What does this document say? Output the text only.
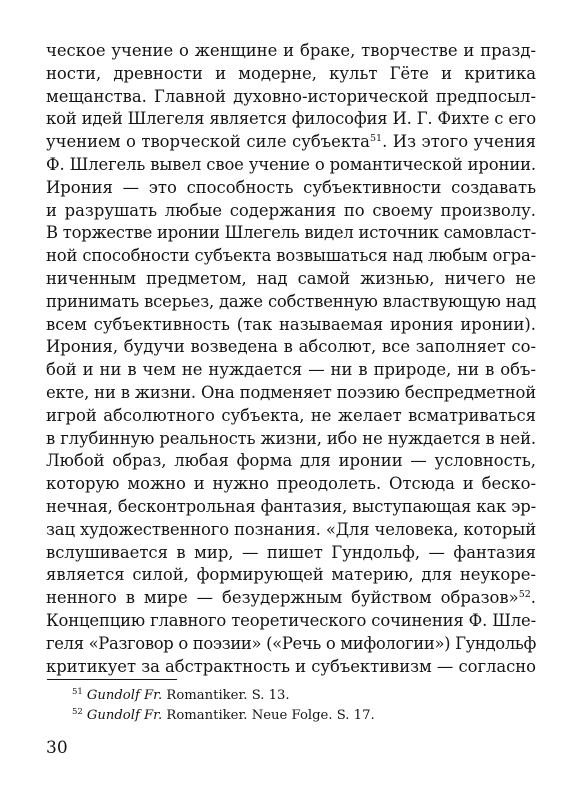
ческое учение о женщине и браке, творчестве и празд-
ности, древности и модерне, культ Гёте и критика
мещанства. Главной духовно-исторической предпосыл-
кой идей Шлегеля является философия И. Г. Фихте с его
учением о творческой силе субъекта$^{51}$. Из этого учения
Ф. Шлегель вывел свое учение о романтической иронии.
Ирония — это способность субъективности создавать
и разрушать любые содержания по своему произволу.
В торжестве иронии Шлегель видел источник самовласт-
ной способности субъекта возвышаться над любым огра-
ниченным предметом, над самой жизнью, ничего не
принимать всерьез, даже собственную властвующую над
всем субъективность (так называемая ирония иронии).
Ирония, будучи возведена в абсолют, все заполняет со-
бой и ни в чем не нуждается — ни в природе, ни в объ-
екте, ни в жизни. Она подменяет поэзию беспредметной
игрой абсолютного субъекта, не желает всматриваться
в глубинную реальность жизни, ибо не нуждается в ней.
Любой образ, любая форма для иронии — условность,
которую можно и нужно преодолеть. Отсюда и беско-
нечная, бесконтрольная фантазия, выступающая как эр-
зац художественного познания. «Для человека, который
вслушивается в мир, — пишет Гундольф, — фантазия
является силой, формирующей материю, для неукоре-
ненного в мире — безудержным буйством образов»$^{52}$.
Концепцию главного теоретического сочинения Ф. Шле-
геля «Разговор о поэзии» («Речь о мифологии») Гундольф
критикует за абстрактность и субъективизм — согласно
$^{51}$ Gundolf Fr. Romantiker. S. 13.
$^{52}$ Gundolf Fr. Romantiker. Neue Folge. S. 17.
30
